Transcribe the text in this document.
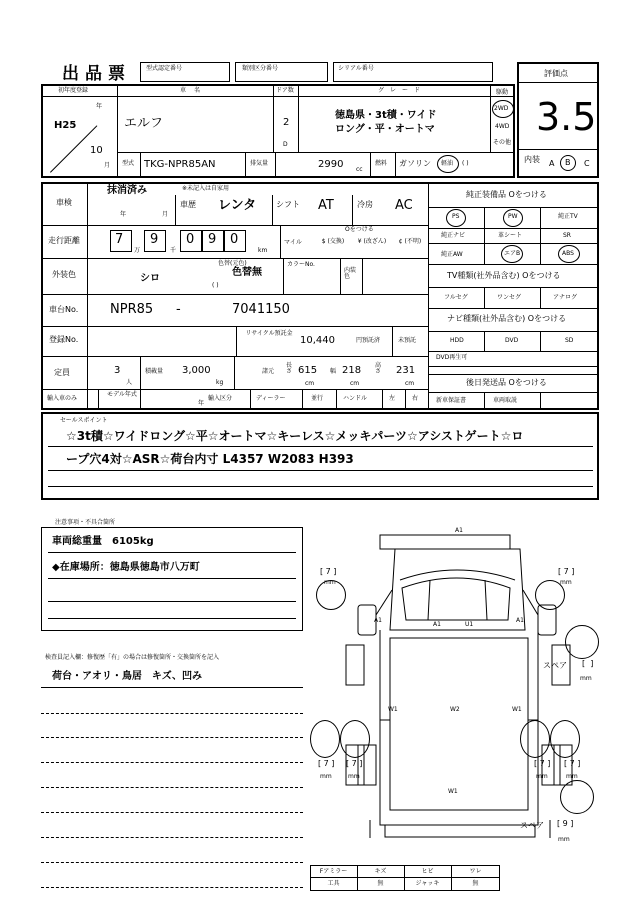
出品票	型式認定番号	類別区分番号	シリアル番号
評価点
3.5
内装 A B C
初年度登録
H25
年
10
月
車名
エルフ
ドア数
2
D
グレード
徳島県・3t積・ワイド
ロング・平・オートマ
駆動
2WD
4WD
その他
型式 TKG-NPR85AN	排気量	2990 cc
燃料 ガソリン 軽油 ( )
車検
抹消済み
年	月
※未記入は自家用
車歴 レンタ シフト AT	冷房 AC
走行距離	7 9 0 9 0
万	千	km
マイル
Oをつける
$ (交換)	¥ (改ざん)	¢ (不明)
外装色	シロ
色替(元色)
色替無
( )
カラーNo.
内装色
車台No. NPR85 -	7041150
登録No.
リサイクル預託金
10,440	円預託済	未預託
定員	3
人
積載量 3,000
kg
諸元
長さ 615
cm
幅 218
cm
高さ 231
cm
輸入車のみ
モデル年式
年
輸入区分	ディーラー	並行	ハンドル	左	右
純正装備品 Oをつける
PS	PW	純正TV
純正ナビ	革シート	SR
純正AW	エアB	ABS
TV種類(社外品含む) Oをつける
フルセグ	ワンセグ	アナログ
ナビ種類(社外品含む) Oをつける
HDD	DVD	SD
DVD再生可
後日発送品 Oをつける
新車保証書	車両取説
セールスポイント
☆3t積☆ワイドロング☆平☆オートマ☆キーレス☆メッキパーツ☆アシストゲート☆ロ
ープ穴4対☆ASR☆荷台内寸 L4357 W2083 H393
注意事項・不具合箇所
車両総重量　6105kg
◆在庫場所：徳島県徳島市八万町
検査員記入欄：修復歴「有」の場合は修復箇所・交換箇所を記入
荷台・アオリ・鳥居　キズ、凹み
A1
A1
A1	U1
A1
W1	W2	W1
W1
[ 7 ]
mm
[ 7 ]
mm
[ 7 ]
mm
[ 7 ]
mm
[ 7 ]
mm
[ 7 ]
mm
スペア [  ]
mm
スペア [ 9 ]
mm
Fアミラー	キズ	ヒビ	ワレ
工具	無	ジャッキ	無
